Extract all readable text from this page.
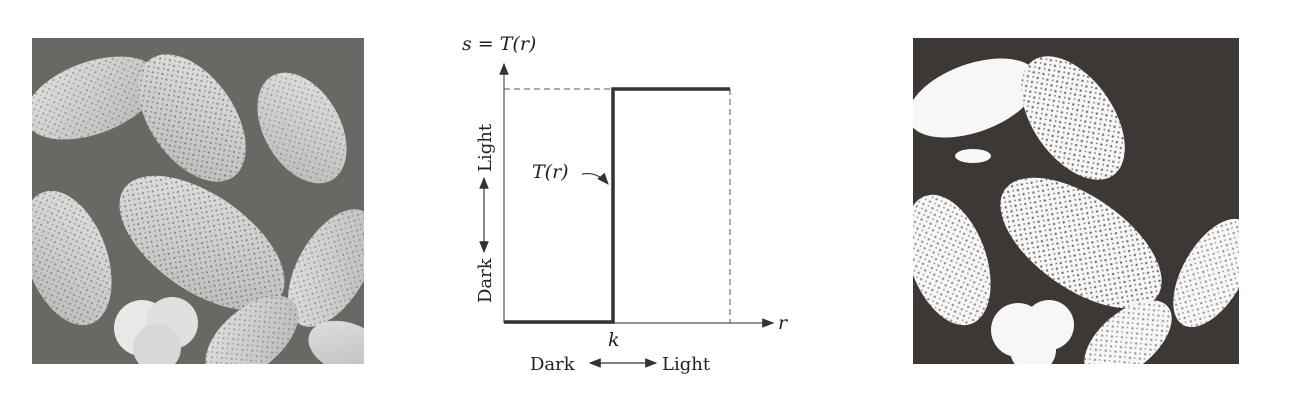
s = T(r)
r
k
T(r)
Light
Dark
Dark	Light
